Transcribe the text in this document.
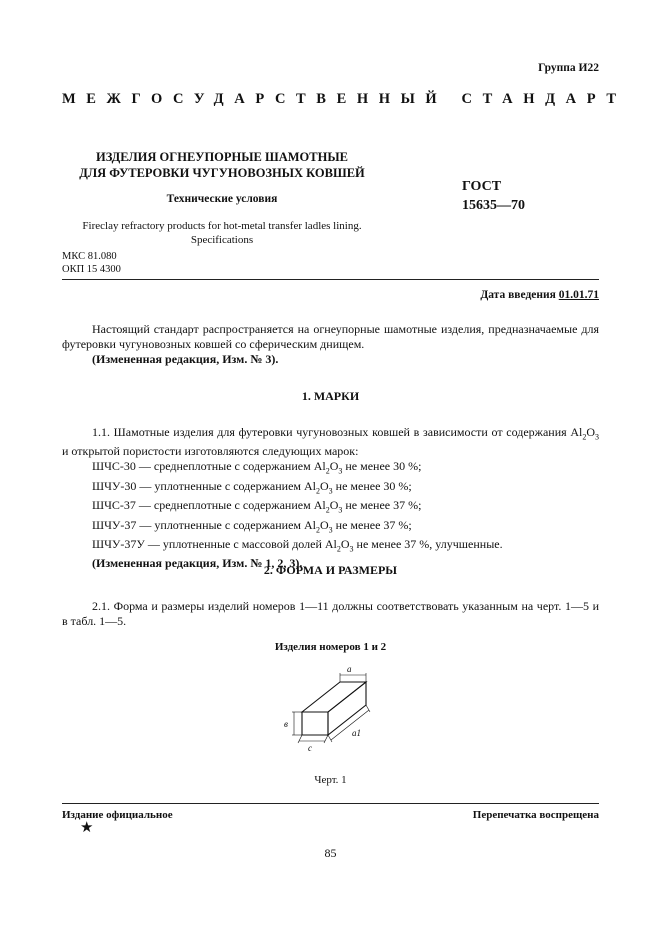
Группа И22
МЕЖГОСУДАРСТВЕННЫЙ СТАНДАРТ
ИЗДЕЛИЯ ОГНЕУПОРНЫЕ ШАМОТНЫЕ
ДЛЯ ФУТЕРОВКИ ЧУГУНОВОЗНЫХ КОВШЕЙ
Технические условия
Fireclay refractory products for hot-metal transfer ladles lining.
Specifications
ГОСТ
15635—70
МКС 81.080
ОКП 15 4300
Дата введения 01.01.71
Настоящий стандарт распространяется на огнеупорные шамотные изделия, предназначаемые для футеровки чугуновозных ковшей со сферическим днищем.
(Измененная редакция, Изм. № 3).
1. МАРКИ
1.1. Шамотные изделия для футеровки чугуновозных ковшей в зависимости от содержания $Al_2O_3$ и открытой пористости изготовляются следующих марок:
ШЧС-30 — среднеплотные с содержанием $Al_2O_3$ не менее 30 %;
ШЧУ-30 — уплотненные с содержанием $Al_2O_3$ не менее 30 %;
ШЧС-37 — среднеплотные с содержанием $Al_2O_3$ не менее 37 %;
ШЧУ-37 — уплотненные с содержанием $Al_2O_3$ не менее 37 %;
ШЧУ-37У — уплотненные с массовой долей $Al_2O_3$ не менее 37 %, улучшенные.
(Измененная редакция, Изм. № 1, 2, 3).
2. ФОРМА И РАЗМЕРЫ
2.1. Форма и размеры изделий номеров 1—11 должны соответствовать указанным на черт. 1—5 и в табл. 1—5.
Изделия номеров 1 и 2
a
в
с
a1
Черт. 1
Издание официальное
★
Перепечатка воспрещена
85
